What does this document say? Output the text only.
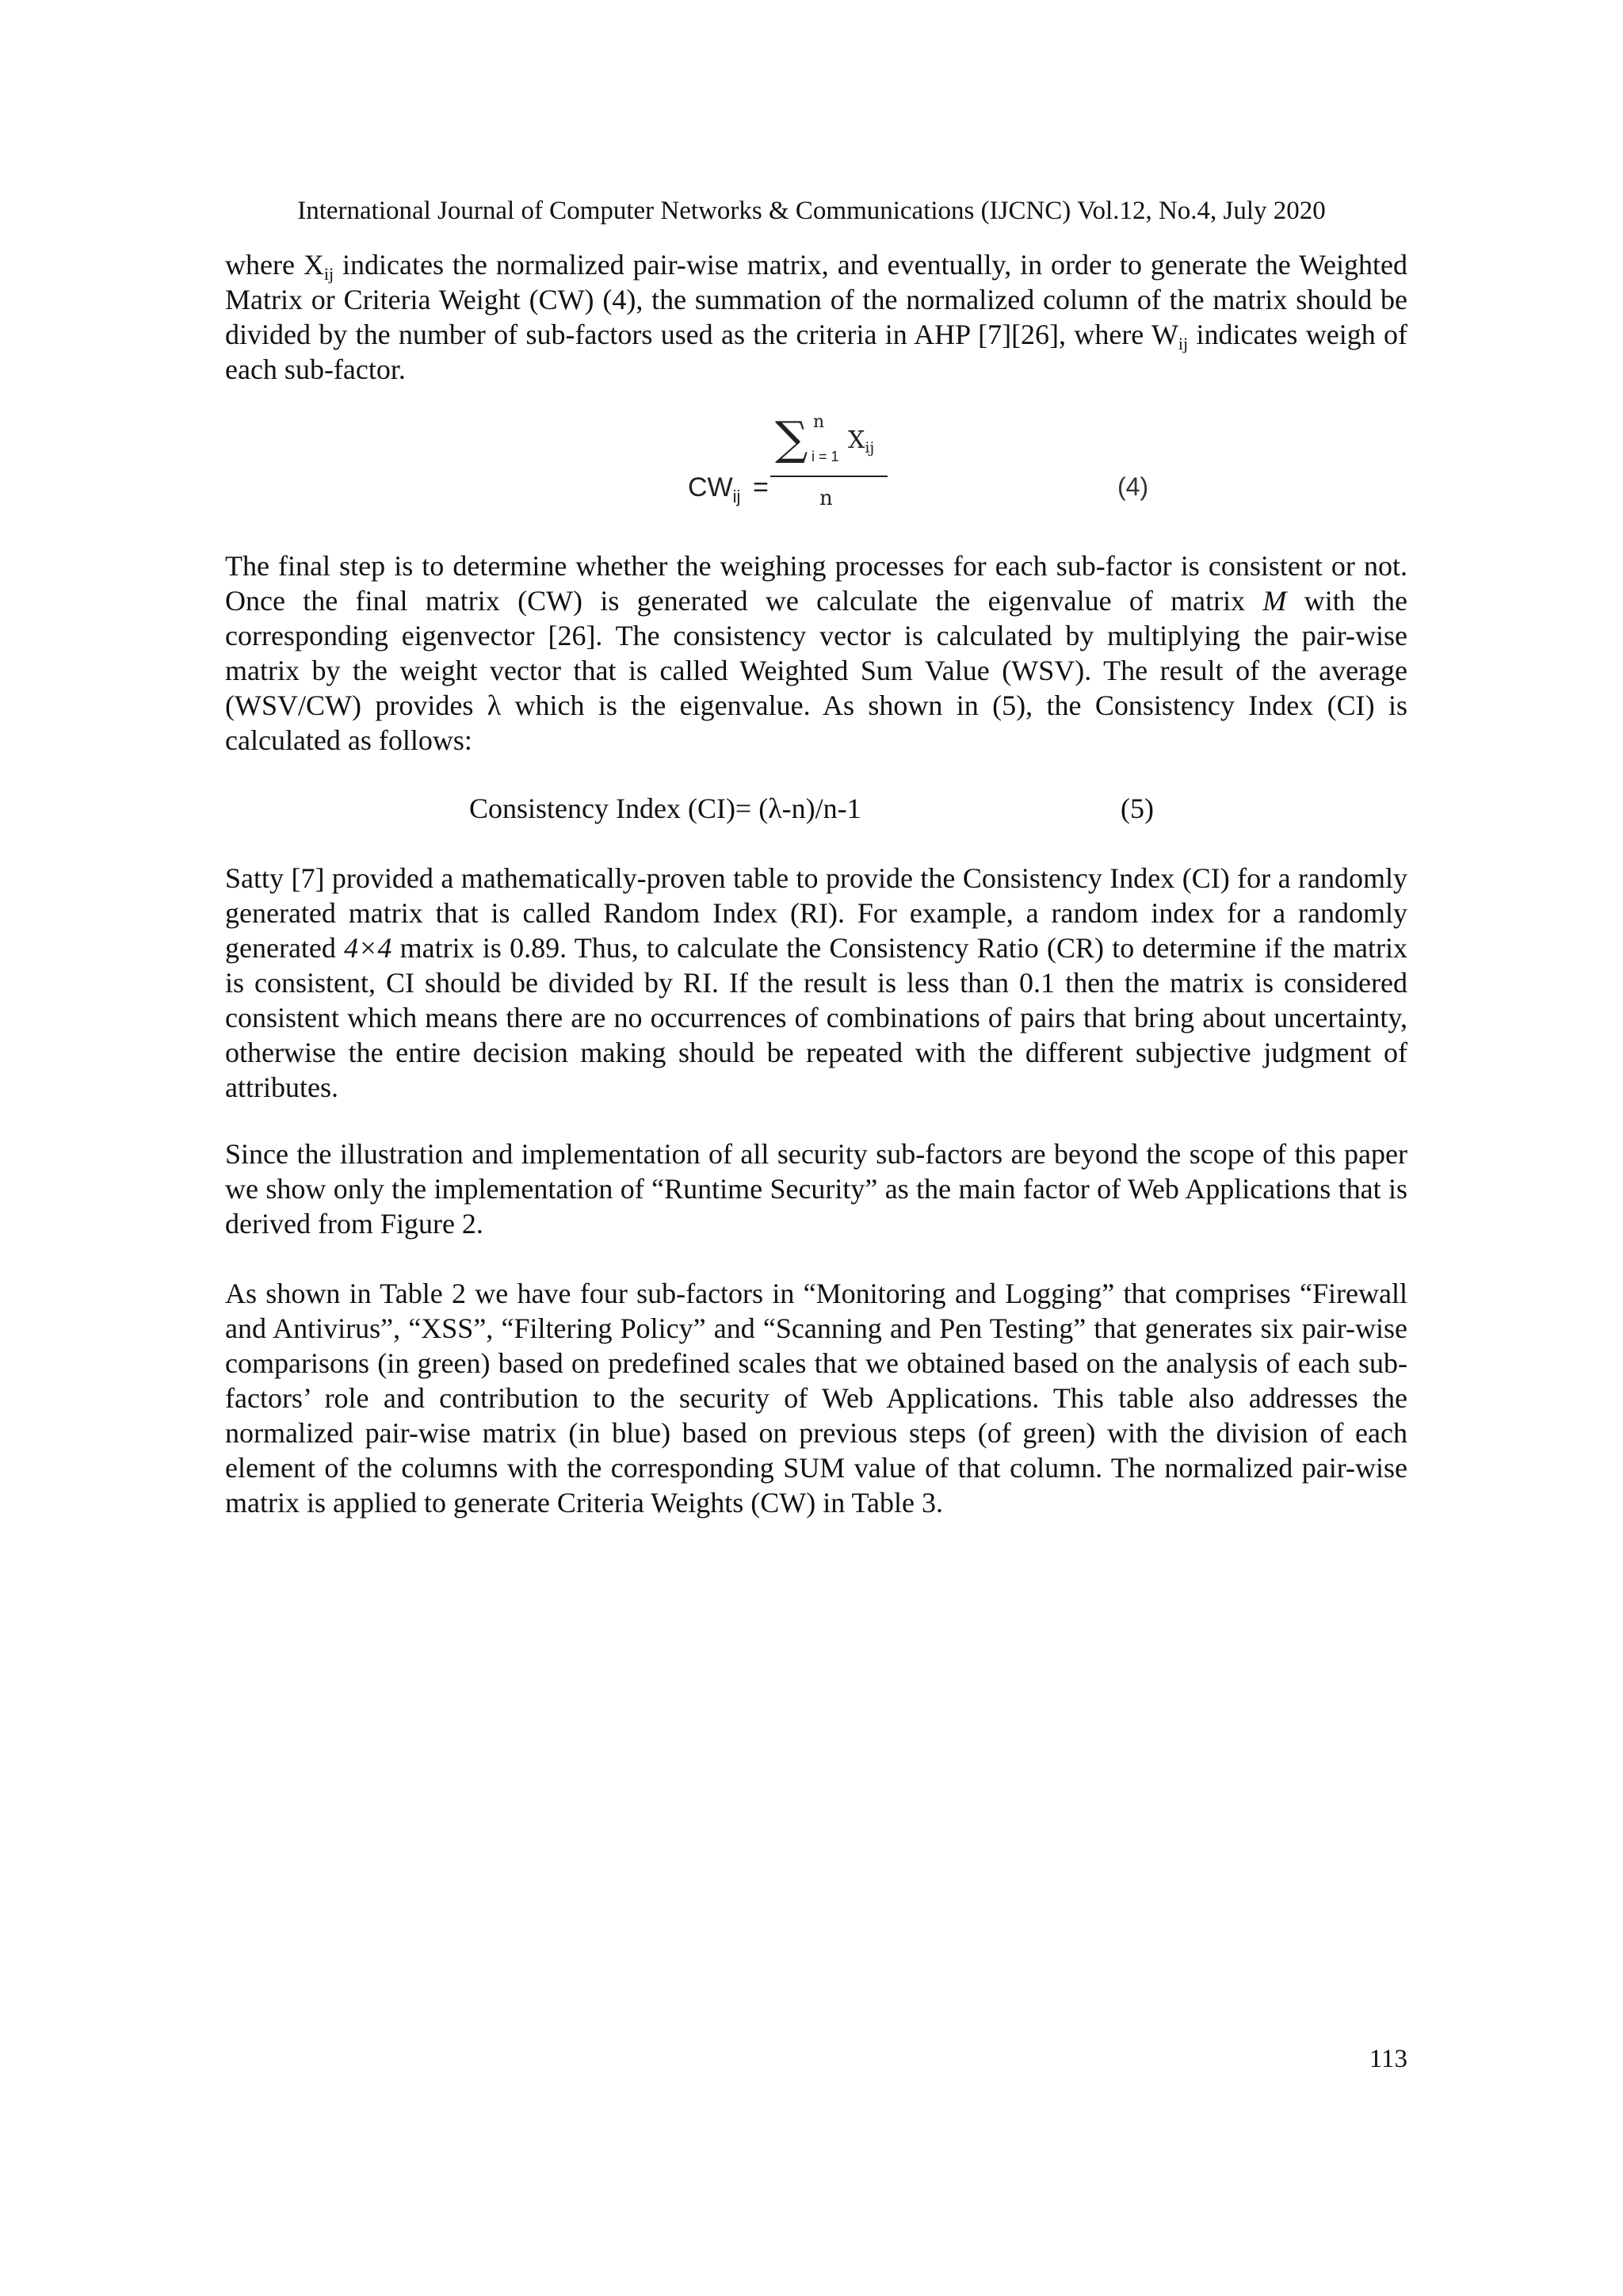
International Journal of Computer Networks & Communications (IJCNC) Vol.12, No.4, July 2020

where $X_{ij}$ indicates the normalized pair-wise matrix, and eventually, in order to generate the Weighted Matrix or Criteria Weight (CW) (4), the summation of the normalized column of the matrix should be divided by the number of sub-factors used as the criteria in AHP [7][26], where $W_{ij}$ indicates weigh of each sub-factor.

$CW_{ij}$ =
∑ n
i = 1
$X_{ij}$
n	(4)

The final step is to determine whether the weighing processes for each sub-factor is consistent or not. Once the final matrix (CW) is generated we calculate the eigenvalue of matrix M with the corresponding eigenvector [26]. The consistency vector is calculated by multiplying the pair-wise matrix by the weight vector that is called Weighted Sum Value (WSV). The result of the average (WSV/CW) provides λ which is the eigenvalue. As shown in (5), the Consistency Index (CI) is calculated as follows:

Consistency Index (CI)= (λ-n)/n-1	(5)

Satty [7] provided a mathematically-proven table to provide the Consistency Index (CI) for a randomly generated matrix that is called Random Index (RI). For example, a random index for a randomly generated 4×4 matrix is 0.89. Thus, to calculate the Consistency Ratio (CR) to determine if the matrix is consistent, CI should be divided by RI. If the result is less than 0.1 then the matrix is considered consistent which means there are no occurrences of combinations of pairs that bring about uncertainty, otherwise the entire decision making should be repeated with the different subjective judgment of attributes.

Since the illustration and implementation of all security sub-factors are beyond the scope of this paper we show only the implementation of “Runtime Security” as the main factor of Web Applications that is derived from Figure 2.

As shown in Table 2 we have four sub-factors in “Monitoring and Logging” that comprises “Firewall and Antivirus”, “XSS”, “Filtering Policy” and “Scanning and Pen Testing” that generates six pair-wise comparisons (in green) based on predefined scales that we obtained based on the analysis of each sub-factors’ role and contribution to the security of Web Applications. This table also addresses the normalized pair-wise matrix (in blue) based on previous steps (of green) with the division of each element of the columns with the corresponding SUM value of that column. The normalized pair-wise matrix is applied to generate Criteria Weights (CW) in Table 3.

113
